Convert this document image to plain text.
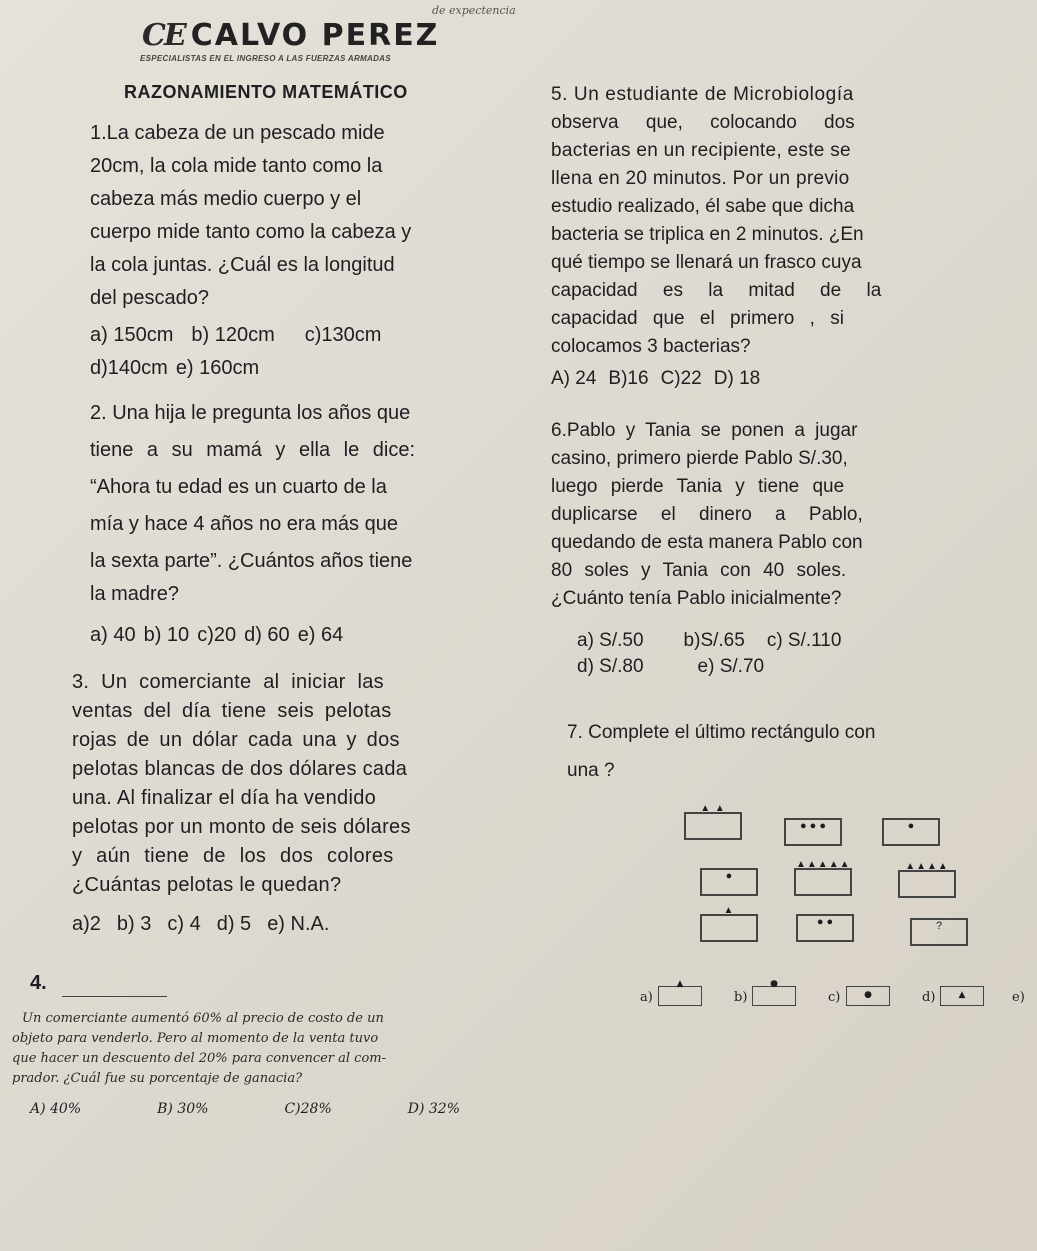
de expectencia
CE CALVO PEREZ
ESPECIALISTAS EN EL INGRESO A LAS FUERZAS ARMADAS
RAZONAMIENTO MATEMÁTICO
1.La cabeza de un pescado mide
20cm, la cola mide tanto como la
cabeza más medio cuerpo y el
cuerpo mide tanto como la cabeza y
la cola juntas. ¿Cuál es la longitud
del pescado?
a) 150cm b) 120cm c)130cm
d)140cm e) 160cm
2. Una hija le pregunta los años que
tiene a su mamá y ella le dice:
“Ahora tu edad es un cuarto de la
mía y hace 4 años no era más que
la sexta parte”. ¿Cuántos años tiene
la madre?
a) 40 b) 10 c)20 d) 60 e) 64
3. Un comerciante al iniciar las
ventas del día tiene seis pelotas
rojas de un dólar cada una y dos
pelotas blancas de dos dólares cada
una. Al finalizar el día ha vendido
pelotas por un monto de seis dólares
y aún tiene de los dos colores
¿Cuántas pelotas le quedan?
a)2 b) 3 c) 4 d) 5 e) N.A.
4.
Un comerciante aumentó 60% al precio de costo de un
objeto para venderlo. Pero al momento de la venta tuvo
que hacer un descuento del 20% para convencer al com-
prador. ¿Cuál fue su porcentaje de ganacia?
A) 40%	B) 30%	C)28%	D) 32%
5. Un estudiante de Microbiología
observa que, colocando dos
bacterias en un recipiente, este se
llena en 20 minutos. Por un previo
estudio realizado, él sabe que dicha
bacteria se triplica en 2 minutos. ¿En
qué tiempo se llenará un frasco cuya
capacidad es la mitad de la
capacidad que el primero , si
colocamos 3 bacterias?
A) 24 B)16 C)22 D) 18
6.Pablo y Tania se ponen a jugar
casino, primero pierde Pablo S/.30,
luego pierde Tania y tiene que
duplicarse el dinero a Pablo,
quedando de esta manera Pablo con
80 soles y Tania con 40 soles.
¿Cuánto tenía Pablo inicialmente?
a) S/.50 b)S/.65 c) S/.110
d) S/.80	e) S/.70
7. Complete el último rectángulo con
una ?
▲ ▲
● ● ●	●
●
▲▲▲▲▲	▲▲▲▲
▲
● ●	?
a)
▲
b)
●
c)	●	d)	▲	e)
